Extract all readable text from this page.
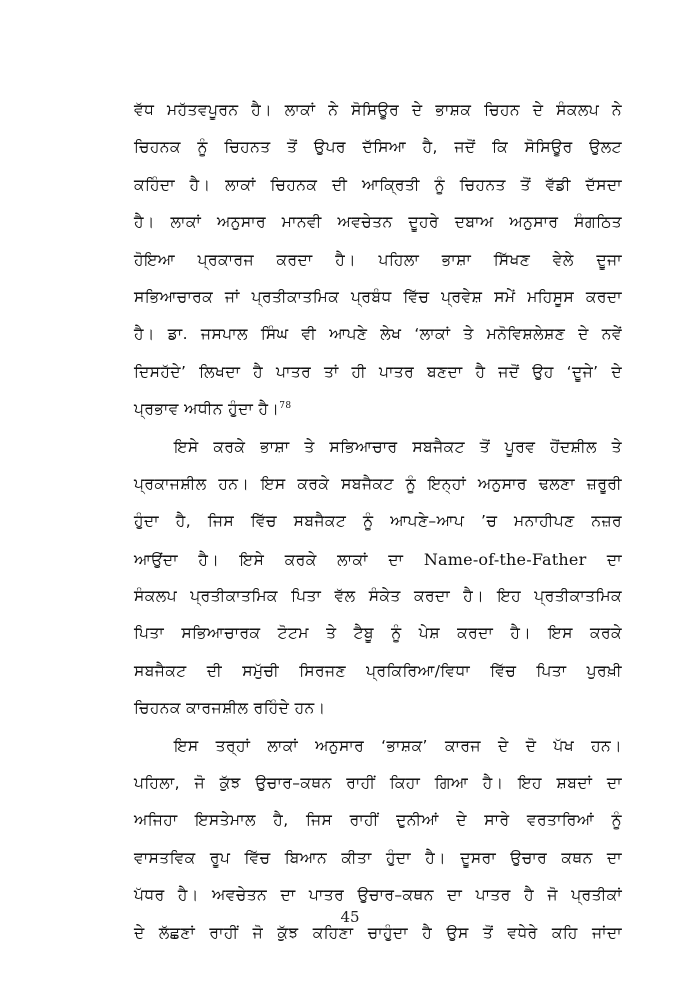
ਵੱਧ ਮਹੱਤਵਪੂਰਨ ਹੈ। ਲਾਕਾਂ ਨੇ ਸੋਸਿਊਰ ਦੇ ਭਾਸ਼ਕ ਚਿਹਨ ਦੇ ਸੰਕਲਪ ਨੇ
ਚਿਹਨਕ ਨੂੰ ਚਿਹਨਤ ਤੋਂ ਉਪਰ ਦੱਸਿਆ ਹੈ, ਜਦੋਂ ਕਿ ਸੋਸਿਊਰ ਉਲਟ
ਕਹਿੰਦਾ ਹੈ। ਲਾਕਾਂ ਚਿਹਨਕ ਦੀ ਆਕ੍ਰਿਤੀ ਨੂੰ ਚਿਹਨਤ ਤੋਂ ਵੱਡੀ ਦੱਸਦਾ
ਹੈ। ਲਾਕਾਂ ਅਨੁਸਾਰ ਮਾਨਵੀ ਅਵਚੇਤਨ ਦੂਹਰੇ ਦਬਾਅ ਅਨੁਸਾਰ ਸੰਗਠਿਤ
ਹੋਇਆ ਪ੍ਰਕਾਰਜ ਕਰਦਾ ਹੈ। ਪਹਿਲਾ ਭਾਸ਼ਾ ਸਿੱਖਣ ਵੇਲੇ ਦੂਜਾ
ਸਭਿਆਚਾਰਕ ਜਾਂ ਪ੍ਰਤੀਕਾਤਮਿਕ ਪ੍ਰਬੰਧ ਵਿੱਚ ਪ੍ਰਵੇਸ਼ ਸਮੇਂ ਮਹਿਸੂਸ ਕਰਦਾ
ਹੈ। ਡਾ. ਜਸਪਾਲ ਸਿੰਘ ਵੀ ਆਪਣੇ ਲੇਖ ‘ਲਾਕਾਂ ਤੇ ਮਨੋਵਿਸ਼ਲੇਸ਼ਣ ਦੇ ਨਵੇਂ
ਦਿਸਹੱਦੇ’ ਲਿਖਦਾ ਹੈ ਪਾਤਰ ਤਾਂ ਹੀ ਪਾਤਰ ਬਣਦਾ ਹੈ ਜਦੋਂ ਉਹ ‘ਦੂਜੇ’ ਦੇ
ਪ੍ਰਭਾਵ ਅਧੀਨ ਹੁੰਦਾ ਹੈ।$^{78}$
ਇਸੇ ਕਰਕੇ ਭਾਸ਼ਾ ਤੇ ਸਭਿਆਚਾਰ ਸਬਜੈਕਟ ਤੋਂ ਪੂਰਵ ਹੋਂਦਸ਼ੀਲ ਤੇ
ਪ੍ਰਕਾਜਸ਼ੀਲ ਹਨ। ਇਸ ਕਰਕੇ ਸਬਜੈਕਟ ਨੂੰ ਇਨ੍ਹਾਂ ਅਨੁਸਾਰ ਢਲਣਾ ਜ਼ਰੂਰੀ
ਹੁੰਦਾ ਹੈ, ਜਿਸ ਵਿੱਚ ਸਬਜੈਕਟ ਨੂੰ ਆਪਣੇ–ਆਪ ’ਚ ਮਨਾਹੀਪਣ ਨਜ਼ਰ
ਆਉਂਦਾ ਹੈ। ਇਸੇ ਕਰਕੇ ਲਾਕਾਂ ਦਾ Name-of-the-Father ਦਾ
ਸੰਕਲਪ ਪ੍ਰਤੀਕਾਤਮਿਕ ਪਿਤਾ ਵੱਲ ਸੰਕੇਤ ਕਰਦਾ ਹੈ। ਇਹ ਪ੍ਰਤੀਕਾਤਮਿਕ
ਪਿਤਾ ਸਭਿਆਚਾਰਕ ਟੋਟਮ ਤੇ ਟੈਬੂ ਨੂੰ ਪੇਸ਼ ਕਰਦਾ ਹੈ। ਇਸ ਕਰਕੇ
ਸਬਜੈਕਟ ਦੀ ਸਮੁੱਚੀ ਸਿਰਜਣ ਪ੍ਰਕਿਰਿਆ/ਵਿਧਾ ਵਿੱਚ ਪਿਤਾ ਪੁਰਖ਼ੀ
ਚਿਹਨਕ ਕਾਰਜਸ਼ੀਲ ਰਹਿੰਦੇ ਹਨ।
ਇਸ ਤਰ੍ਹਾਂ ਲਾਕਾਂ ਅਨੁਸਾਰ ‘ਭਾਸ਼ਕ’ ਕਾਰਜ ਦੇ ਦੋ ਪੱਖ ਹਨ।
ਪਹਿਲਾ, ਜੋ ਕੁੱਝ ਉਚਾਰ–ਕਥਨ ਰਾਹੀਂ ਕਿਹਾ ਗਿਆ ਹੈ। ਇਹ ਸ਼ਬਦਾਂ ਦਾ
ਅਜਿਹਾ ਇਸਤੇਮਾਲ ਹੈ, ਜਿਸ ਰਾਹੀਂ ਦੁਨੀਆਂ ਦੇ ਸਾਰੇ ਵਰਤਾਰਿਆਂ ਨੂੰ
ਵਾਸਤਵਿਕ ਰੂਪ ਵਿੱਚ ਬਿਆਨ ਕੀਤਾ ਹੁੰਦਾ ਹੈ। ਦੂਸਰਾ ਉਚਾਰ ਕਥਨ ਦਾ
ਪੱਧਰ ਹੈ। ਅਵਚੇਤਨ ਦਾ ਪਾਤਰ ਉਚਾਰ–ਕਥਨ ਦਾ ਪਾਤਰ ਹੈ ਜੋ ਪ੍ਰਤੀਕਾਂ
ਦੇ ਲੱਛਣਾਂ ਰਾਹੀਂ ਜੋ ਕੁੱਝ ਕਹਿਣਾ ਚਾਹੁੰਦਾ ਹੈ ਉਸ ਤੋਂ ਵਧੇਰੇ ਕਹਿ ਜਾਂਦਾ
45
